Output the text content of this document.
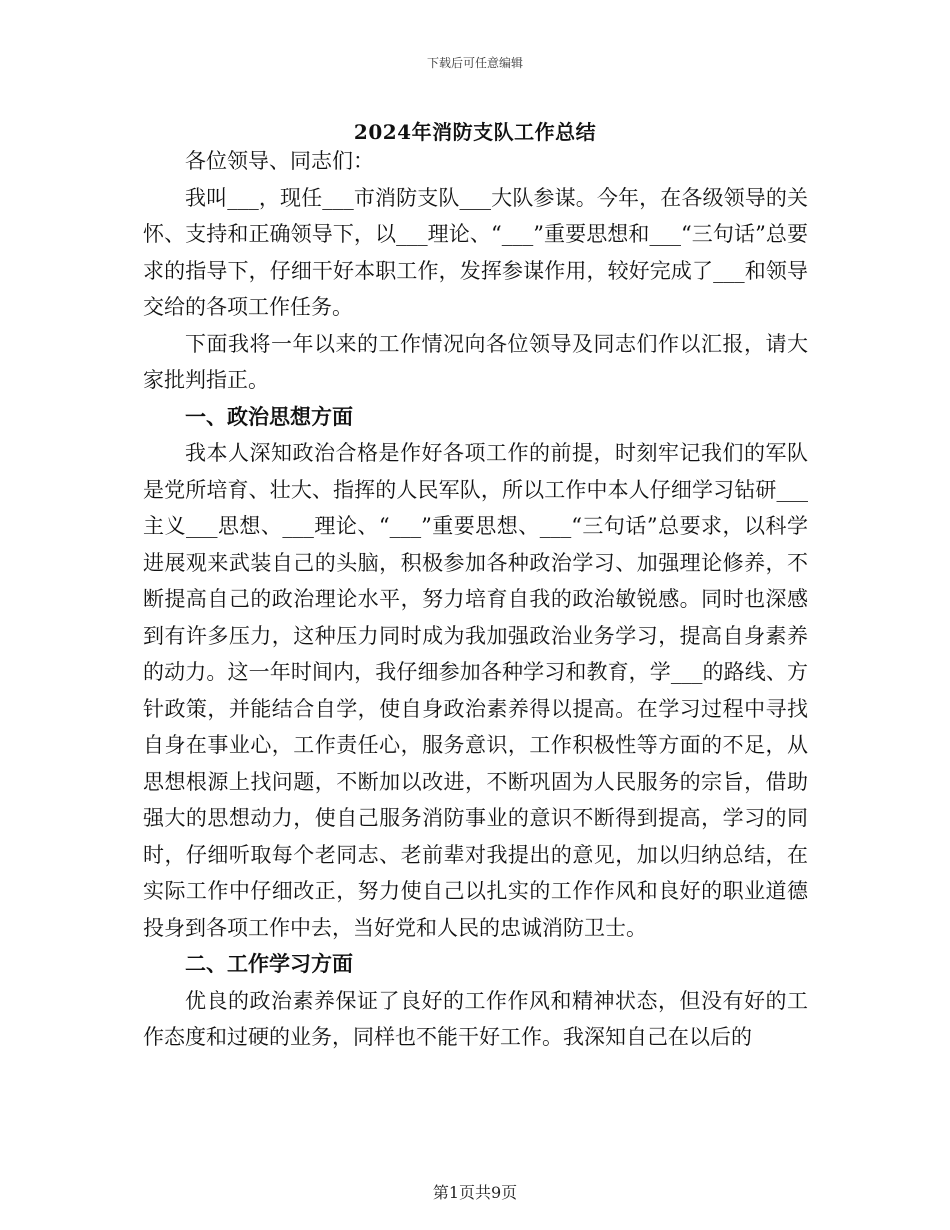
下载后可任意编辑
2024年消防支队工作总结

各位领导、同志们：

我叫___，现任___市消防支队___大队参谋。今年，在各级领导的关怀、支持和正确领导下，以___理论、“___”重要思想和___“三句话”总要求的指导下，仔细干好本职工作，发挥参谋作用，较好完成了___和领导交给的各项工作任务。

下面我将一年以来的工作情况向各位领导及同志们作以汇报，请大家批判指正。

一、政治思想方面

我本人深知政治合格是作好各项工作的前提，时刻牢记我们的军队是党所培育、壮大、指挥的人民军队，所以工作中本人仔细学习钻研___主义___思想、___理论、“___”重要思想、___“三句话”总要求，以科学进展观来武装自己的头脑，积极参加各种政治学习、加强理论修养，不断提高自己的政治理论水平，努力培育自我的政治敏锐感。同时也深感到有许多压力，这种压力同时成为我加强政治业务学习，提高自身素养的动力。这一年时间内，我仔细参加各种学习和教育，学___的路线、方针政策，并能结合自学，使自身政治素养得以提高。在学习过程中寻找自身在事业心，工作责任心，服务意识，工作积极性等方面的不足，从思想根源上找问题，不断加以改进，不断巩固为人民服务的宗旨，借助强大的思想动力，使自己服务消防事业的意识不断得到提高，学习的同时，仔细听取每个老同志、老前辈对我提出的意见，加以归纳总结，在实际工作中仔细改正，努力使自己以扎实的工作作风和良好的职业道德投身到各项工作中去，当好党和人民的忠诚消防卫士。

二、工作学习方面

优良的政治素养保证了良好的工作作风和精神状态，但没有好的工作态度和过硬的业务，同样也不能干好工作。我深知自己在以后的

第1页共9页
